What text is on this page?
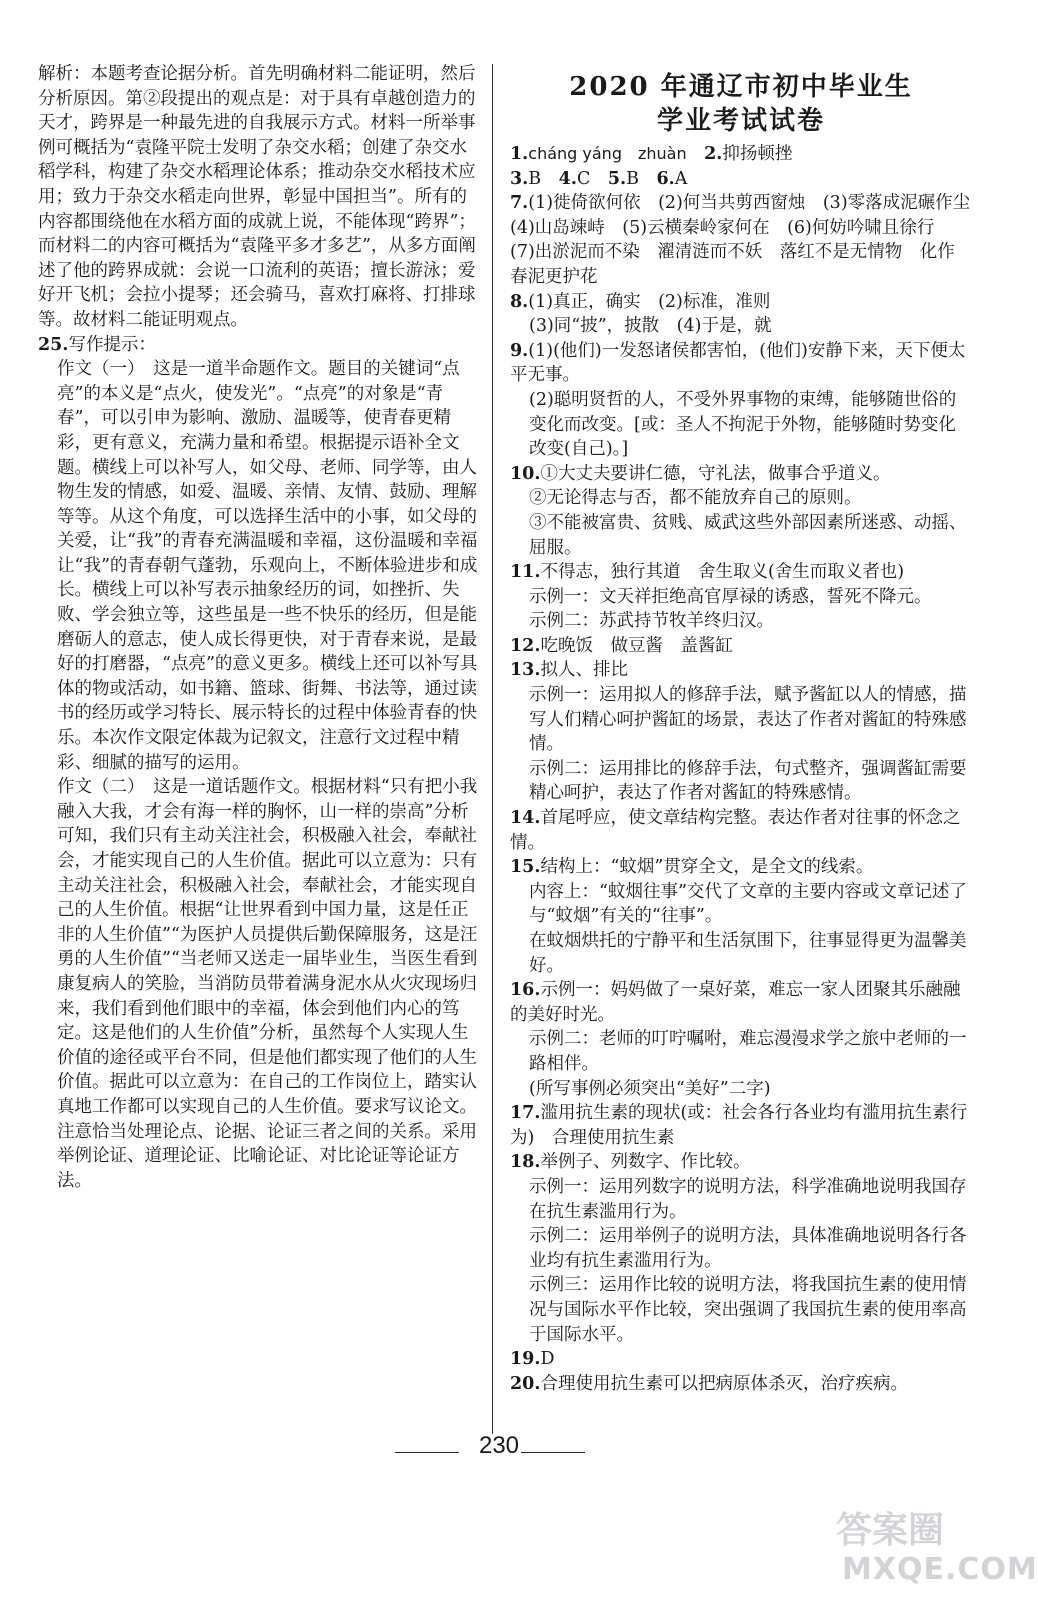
解析：本题考查论据分析。首先明确材料二能证明，然后分析原因。第②段提出的观点是：对于具有卓越创造力的天才，跨界是一种最先进的自我展示方式。材料一所举事例可概括为“袁隆平院士发明了杂交水稻；创建了杂交水稻学科，构建了杂交水稻理论体系；推动杂交水稻技术应用；致力于杂交水稻走向世界，彰显中国担当”。所有的内容都围绕他在水稻方面的成就上说，不能体现“跨界”；而材料二的内容可概括为“袁隆平多才多艺”，从多方面阐述了他的跨界成就：会说一口流利的英语；擅长游泳；爱好开飞机；会拉小提琴；还会骑马，喜欢打麻将、打排球等。故材料二能证明观点。

25.写作提示：

作文（一）　这是一道半命题作文。题目的关键词“点亮”的本义是“点火，使发光”。“点亮”的对象是“青春”，可以引申为影响、激励、温暖等，使青春更精彩，更有意义，充满力量和希望。根据提示语补全文题。横线上可以补写人，如父母、老师、同学等，由人物生发的情感，如爱、温暖、亲情、友情、鼓励、理解等等。从这个角度，可以选择生活中的小事，如父母的关爱，让“我”的青春充满温暖和幸福，这份温暖和幸福让“我”的青春朝气蓬勃，乐观向上，不断体验进步和成长。横线上可以补写表示抽象经历的词，如挫折、失败、学会独立等，这些虽是一些不快乐的经历，但是能磨砺人的意志，使人成长得更快，对于青春来说，是最好的打磨器，“点亮”的意义更多。横线上还可以补写具体的物或活动，如书籍、篮球、街舞、书法等，通过读书的经历或学习特长、展示特长的过程中体验青春的快乐。本次作文限定体裁为记叙文，注意行文过程中精彩、细腻的描写的运用。

作文（二）　这是一道话题作文。根据材料“只有把小我融入大我，才会有海一样的胸怀，山一样的崇高”分析可知，我们只有主动关注社会，积极融入社会，奉献社会，才能实现自己的人生价值。据此可以立意为：只有主动关注社会，积极融入社会，奉献社会，才能实现自己的人生价值。根据“让世界看到中国力量，这是任正非的人生价值”“为医护人员提供后勤保障服务，这是汪勇的人生价值”“当老师又送走一届毕业生，当医生看到康复病人的笑脸，当消防员带着满身泥水从火灾现场归来，我们看到他们眼中的幸福，体会到他们内心的笃定。这是他们的人生价值”分析，虽然每个人实现人生价值的途径或平台不同，但是他们都实现了他们的人生价值。据此可以立意为：在自己的工作岗位上，踏实认真地工作都可以实现自己的人生价值。要求写议论文。注意恰当处理论点、论据、论证三者之间的关系。采用举例论证、道理论证、比喻论证、对比论证等论证方法。

2020 年通辽市初中毕业生
学业考试试卷

1.cháng yáng　zhuàn　 2.抑扬顿挫

3.B　 4.C　 5.B　 6.A

7.(1)徙倚欲何依　(2)何当共剪西窗烛　(3)零落成泥碾作尘　(4)山岛竦峙　(5)云横秦岭家何在　(6)何妨吟啸且徐行　(7)出淤泥而不染　濯清涟而不妖　落红不是无情物　化作春泥更护花

8.(1)真正，确实　(2)标准，准则

(3)同“披”，披散　(4)于是，就

9.(1)(他们)一发怒诸侯都害怕，(他们)安静下来，天下便太平无事。

(2)聪明贤哲的人，不受外界事物的束缚，能够随世俗的变化而改变。[或：圣人不拘泥于外物，能够随时势变化改变(自己)。]

10.①大丈夫要讲仁德，守礼法，做事合乎道义。

②无论得志与否，都不能放弃自己的原则。

③不能被富贵、贫贱、威武这些外部因素所迷惑、动摇、屈服。

11.不得志，独行其道　舍生取义(舍生而取义者也)

示例一：文天祥拒绝高官厚禄的诱惑，誓死不降元。

示例二：苏武持节牧羊终归汉。

12.吃晚饭　做豆酱　盖酱缸

13.拟人、排比

示例一：运用拟人的修辞手法，赋予酱缸以人的情感，描写人们精心呵护酱缸的场景，表达了作者对酱缸的特殊感情。

示例二：运用排比的修辞手法，句式整齐，强调酱缸需要精心呵护，表达了作者对酱缸的特殊感情。

14.首尾呼应，使文章结构完整。表达作者对往事的怀念之情。

15.结构上：“蚊烟”贯穿全文，是全文的线索。

内容上：“蚊烟往事”交代了文章的主要内容或文章记述了与“蚊烟”有关的“往事”。

在蚊烟烘托的宁静平和生活氛围下，往事显得更为温馨美好。

16.示例一：妈妈做了一桌好菜，难忘一家人团聚其乐融融的美好时光。

示例二：老师的叮咛嘱咐，难忘漫漫求学之旅中老师的一路相伴。

(所写事例必须突出“美好”二字)

17.滥用抗生素的现状(或：社会各行各业均有滥用抗生素行为)　合理使用抗生素

18.举例子、列数字、作比较。

示例一：运用列数字的说明方法，科学准确地说明我国存在抗生素滥用行为。

示例二：运用举例子的说明方法，具体准确地说明各行各业均有抗生素滥用行为。

示例三：运用作比较的说明方法，将我国抗生素的使用情况与国际水平作比较，突出强调了我国抗生素的使用率高于国际水平。

19.D

20.合理使用抗生素可以把病原体杀灭，治疗疾病。

230
答案圈
MXQE.COM
